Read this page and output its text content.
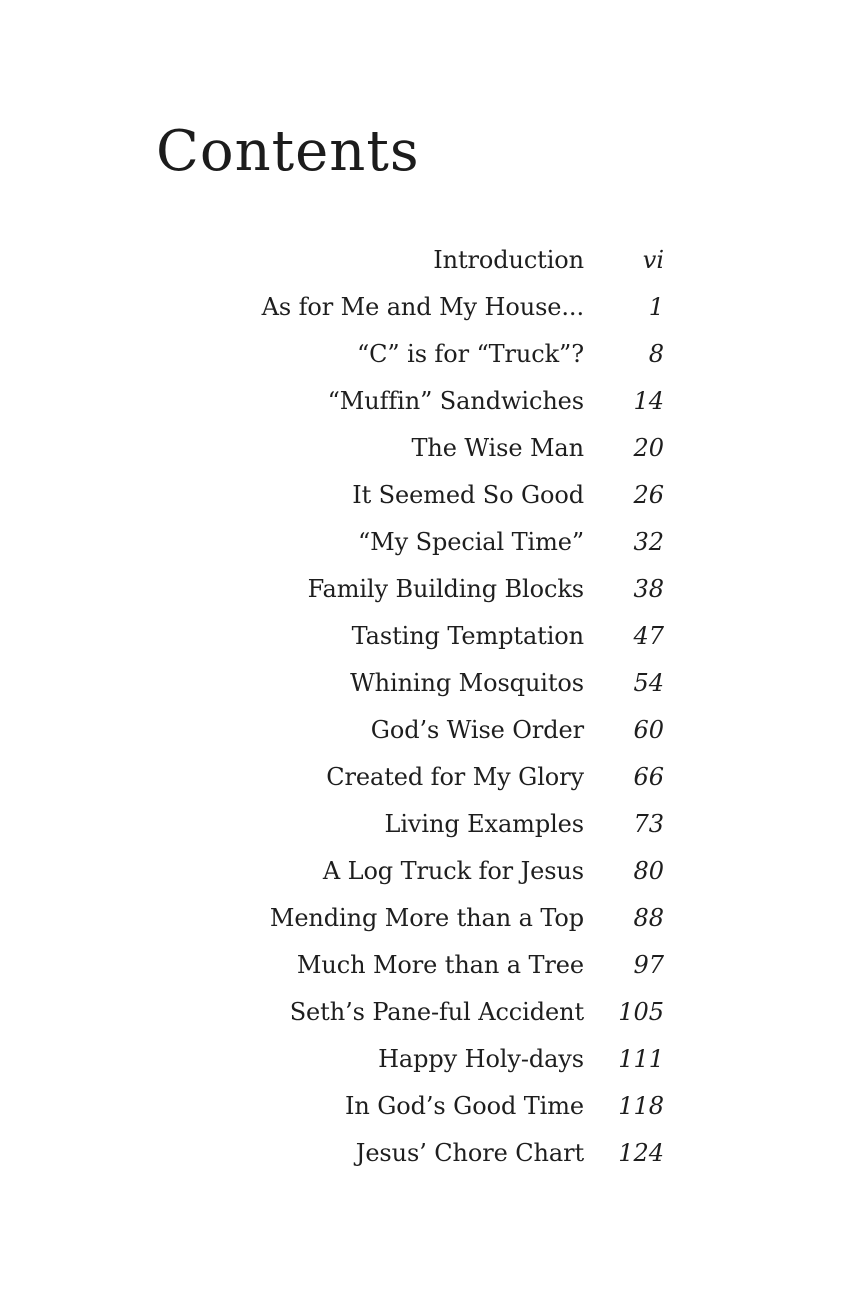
Contents
Introduction	vi
As for Me and My House...	1
“C” is for “Truck”?	8
“Muffin” Sandwiches	14
The Wise Man	20
It Seemed So Good	26
“My Special Time”	32
Family Building Blocks	38
Tasting Temptation	47
Whining Mosquitos	54
God’s Wise Order	60
Created for My Glory	66
Living Examples	73
A Log Truck for Jesus	80
Mending More than a Top	88
Much More than a Tree	97
Seth’s Pane-ful Accident	105
Happy Holy-days	111
In God’s Good Time	118
Jesus’ Chore Chart	124
